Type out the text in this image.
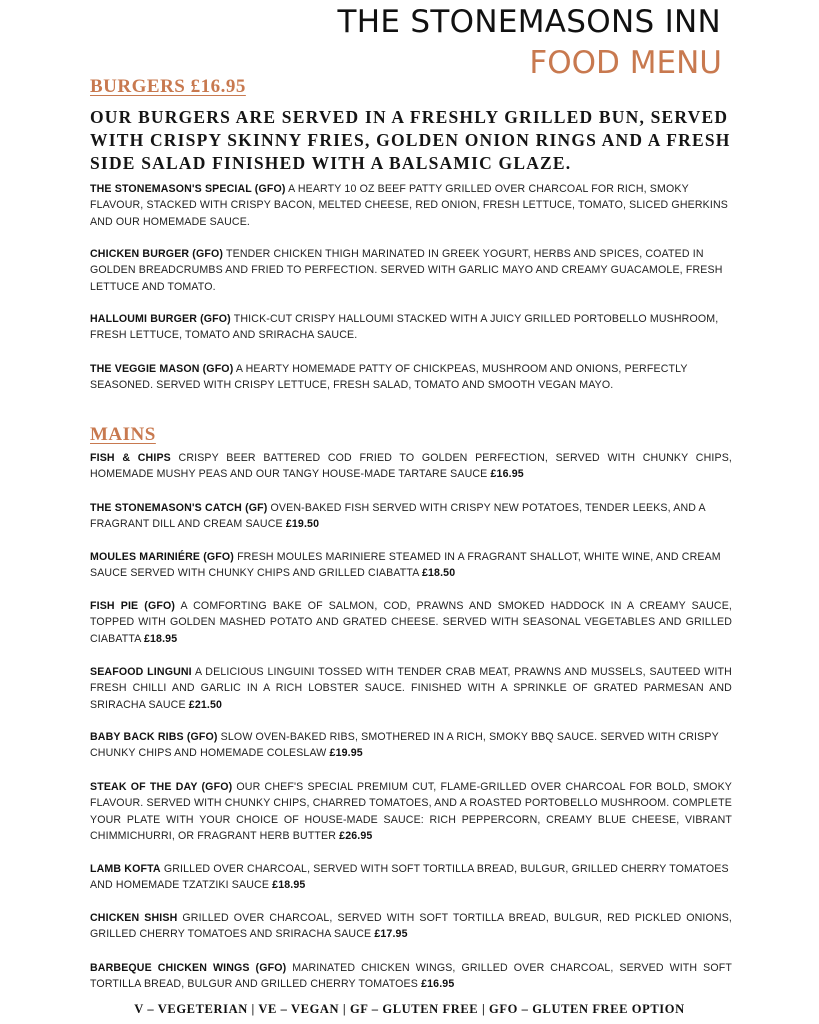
THE STONEMASONS INN
FOOD MENU
BURGERS £16.95
OUR BURGERS ARE SERVED IN A FRESHLY GRILLED BUN, SERVED WITH CRISPY SKINNY FRIES, GOLDEN ONION RINGS AND A FRESH SIDE SALAD FINISHED WITH A BALSAMIC GLAZE.

THE STONEMASON'S SPECIAL (GFO) A HEARTY 10 OZ BEEF PATTY GRILLED OVER CHARCOAL FOR RICH, SMOKY FLAVOUR, STACKED WITH CRISPY BACON, MELTED CHEESE, RED ONION, FRESH LETTUCE, TOMATO, SLICED GHERKINS AND OUR HOMEMADE SAUCE.

CHICKEN BURGER (GFO) TENDER CHICKEN THIGH MARINATED IN GREEK YOGURT, HERBS AND SPICES, COATED IN GOLDEN BREADCRUMBS AND FRIED TO PERFECTION. SERVED WITH GARLIC MAYO AND CREAMY GUACAMOLE, FRESH LETTUCE AND TOMATO.

HALLOUMI BURGER (GFO) THICK-CUT CRISPY HALLOUMI STACKED WITH A JUICY GRILLED PORTOBELLO MUSHROOM, FRESH LETTUCE, TOMATO AND SRIRACHA SAUCE.

THE VEGGIE MASON (GFO) A HEARTY HOMEMADE PATTY OF CHICKPEAS, MUSHROOM AND ONIONS, PERFECTLY SEASONED. SERVED WITH CRISPY LETTUCE, FRESH SALAD, TOMATO AND SMOOTH VEGAN MAYO.

MAINS

FISH & CHIPS CRISPY BEER BATTERED COD FRIED TO GOLDEN PERFECTION, SERVED WITH CHUNKY CHIPS, HOMEMADE MUSHY PEAS AND OUR TANGY HOUSE-MADE TARTARE SAUCE £16.95

THE STONEMASON'S CATCH (GF) OVEN-BAKED FISH SERVED WITH CRISPY NEW POTATOES, TENDER LEEKS, AND A FRAGRANT DILL AND CREAM SAUCE £19.50

MOULES MARINIÉRE (GFO) FRESH MOULES MARINIERE STEAMED IN A FRAGRANT SHALLOT, WHITE WINE, AND CREAM SAUCE SERVED WITH CHUNKY CHIPS AND GRILLED CIABATTA £18.50

FISH PIE (GFO) A COMFORTING BAKE OF SALMON, COD, PRAWNS AND SMOKED HADDOCK IN A CREAMY SAUCE, TOPPED WITH GOLDEN MASHED POTATO AND GRATED CHEESE. SERVED WITH SEASONAL VEGETABLES AND GRILLED CIABATTA £18.95

SEAFOOD LINGUNI A DELICIOUS LINGUINI TOSSED WITH TENDER CRAB MEAT, PRAWNS AND MUSSELS, SAUTEED WITH FRESH CHILLI AND GARLIC IN A RICH LOBSTER SAUCE. FINISHED WITH A SPRINKLE OF GRATED PARMESAN AND SRIRACHA SAUCE £21.50

BABY BACK RIBS (GFO) SLOW OVEN-BAKED RIBS, SMOTHERED IN A RICH, SMOKY BBQ SAUCE. SERVED WITH CRISPY CHUNKY CHIPS AND HOMEMADE COLESLAW £19.95

STEAK OF THE DAY (GFO) OUR CHEF'S SPECIAL PREMIUM CUT, FLAME-GRILLED OVER CHARCOAL FOR BOLD, SMOKY FLAVOUR. SERVED WITH CHUNKY CHIPS, CHARRED TOMATOES, AND A ROASTED PORTOBELLO MUSHROOM. COMPLETE YOUR PLATE WITH YOUR CHOICE OF HOUSE-MADE SAUCE: RICH PEPPERCORN, CREAMY BLUE CHEESE, VIBRANT CHIMMICHURRI, OR FRAGRANT HERB BUTTER £26.95

LAMB KOFTA GRILLED OVER CHARCOAL, SERVED WITH SOFT TORTILLA BREAD, BULGUR, GRILLED CHERRY TOMATOES AND HOMEMADE TZATZIKI SAUCE £18.95

CHICKEN SHISH GRILLED OVER CHARCOAL, SERVED WITH SOFT TORTILLA BREAD, BULGUR, RED PICKLED ONIONS, GRILLED CHERRY TOMATOES AND SRIRACHA SAUCE £17.95

BARBEQUE CHICKEN WINGS (GFO) MARINATED CHICKEN WINGS, GRILLED OVER CHARCOAL, SERVED WITH SOFT TORTILLA BREAD, BULGUR AND GRILLED CHERRY TOMATOES £16.95

V – VEGETERIAN | VE – VEGAN | GF – GLUTEN FREE | GFO – GLUTEN FREE OPTION
